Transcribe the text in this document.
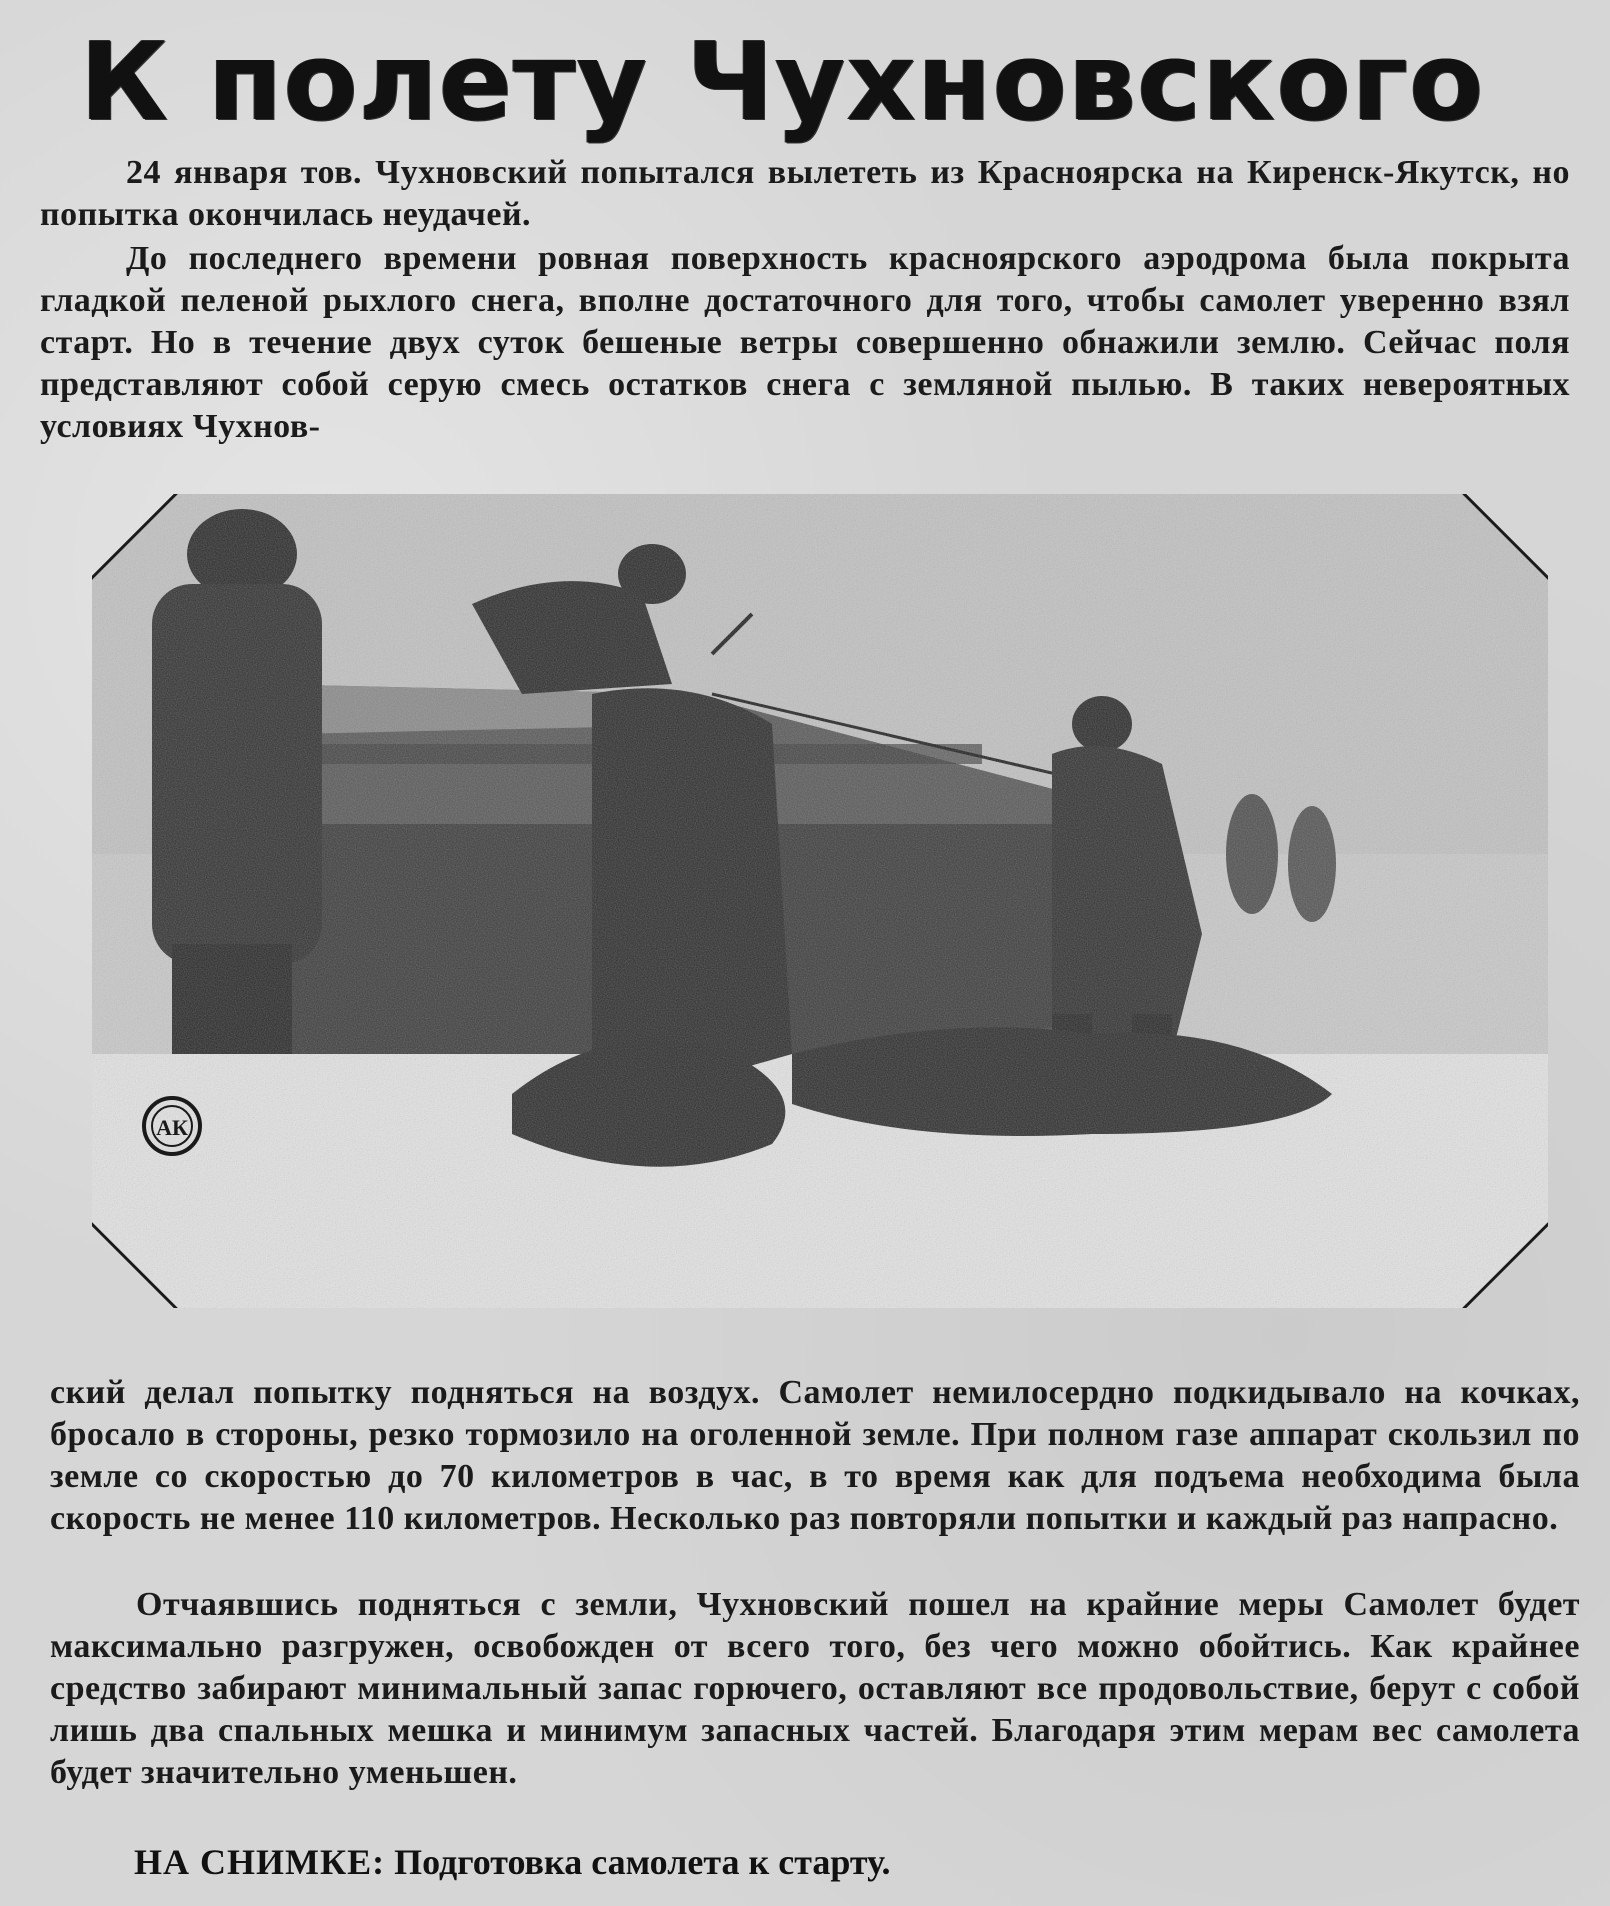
К полету Чухновского

24 января тов. Чухновский попытался вылететь из Красноярска на Киренск-Якутск, но попытка окончилась неудачей.

До последнего времени ровная поверхность красноярского аэродрома была покрыта гладкой пеленой рыхлого снега, вполне достаточного для того, чтобы самолет уверенно взял старт. Но в течение двух суток бешеные ветры совершенно обнажили землю. Сейчас поля представляют собой серую смесь остатков снега с земляной пылью. В таких невероятных условиях Чухнов-

АК

ский делал попытку подняться на воздух. Самолет немилосердно подкидывало на кочках, бросало в стороны, резко тормозило на оголенной земле. При полном газе аппарат скользил по земле со скоростью до 70 километров в час, в то время как для подъема необходима была скорость не менее 110 километров. Несколько раз повторяли попытки и каждый раз напрасно.

Отчаявшись подняться с земли, Чухновский пошел на крайние меры Самолет будет максимально разгружен, освобожден от всего того, без чего можно обойтись. Как крайнее средство забирают минимальный запас горючего, оставляют все продовольствие, берут с собой лишь два спальных мешка и минимум запасных частей. Благодаря этим мерам вес самолета будет значительно уменьшен.

НА СНИМКЕ: Подготовка самолета к старту.
